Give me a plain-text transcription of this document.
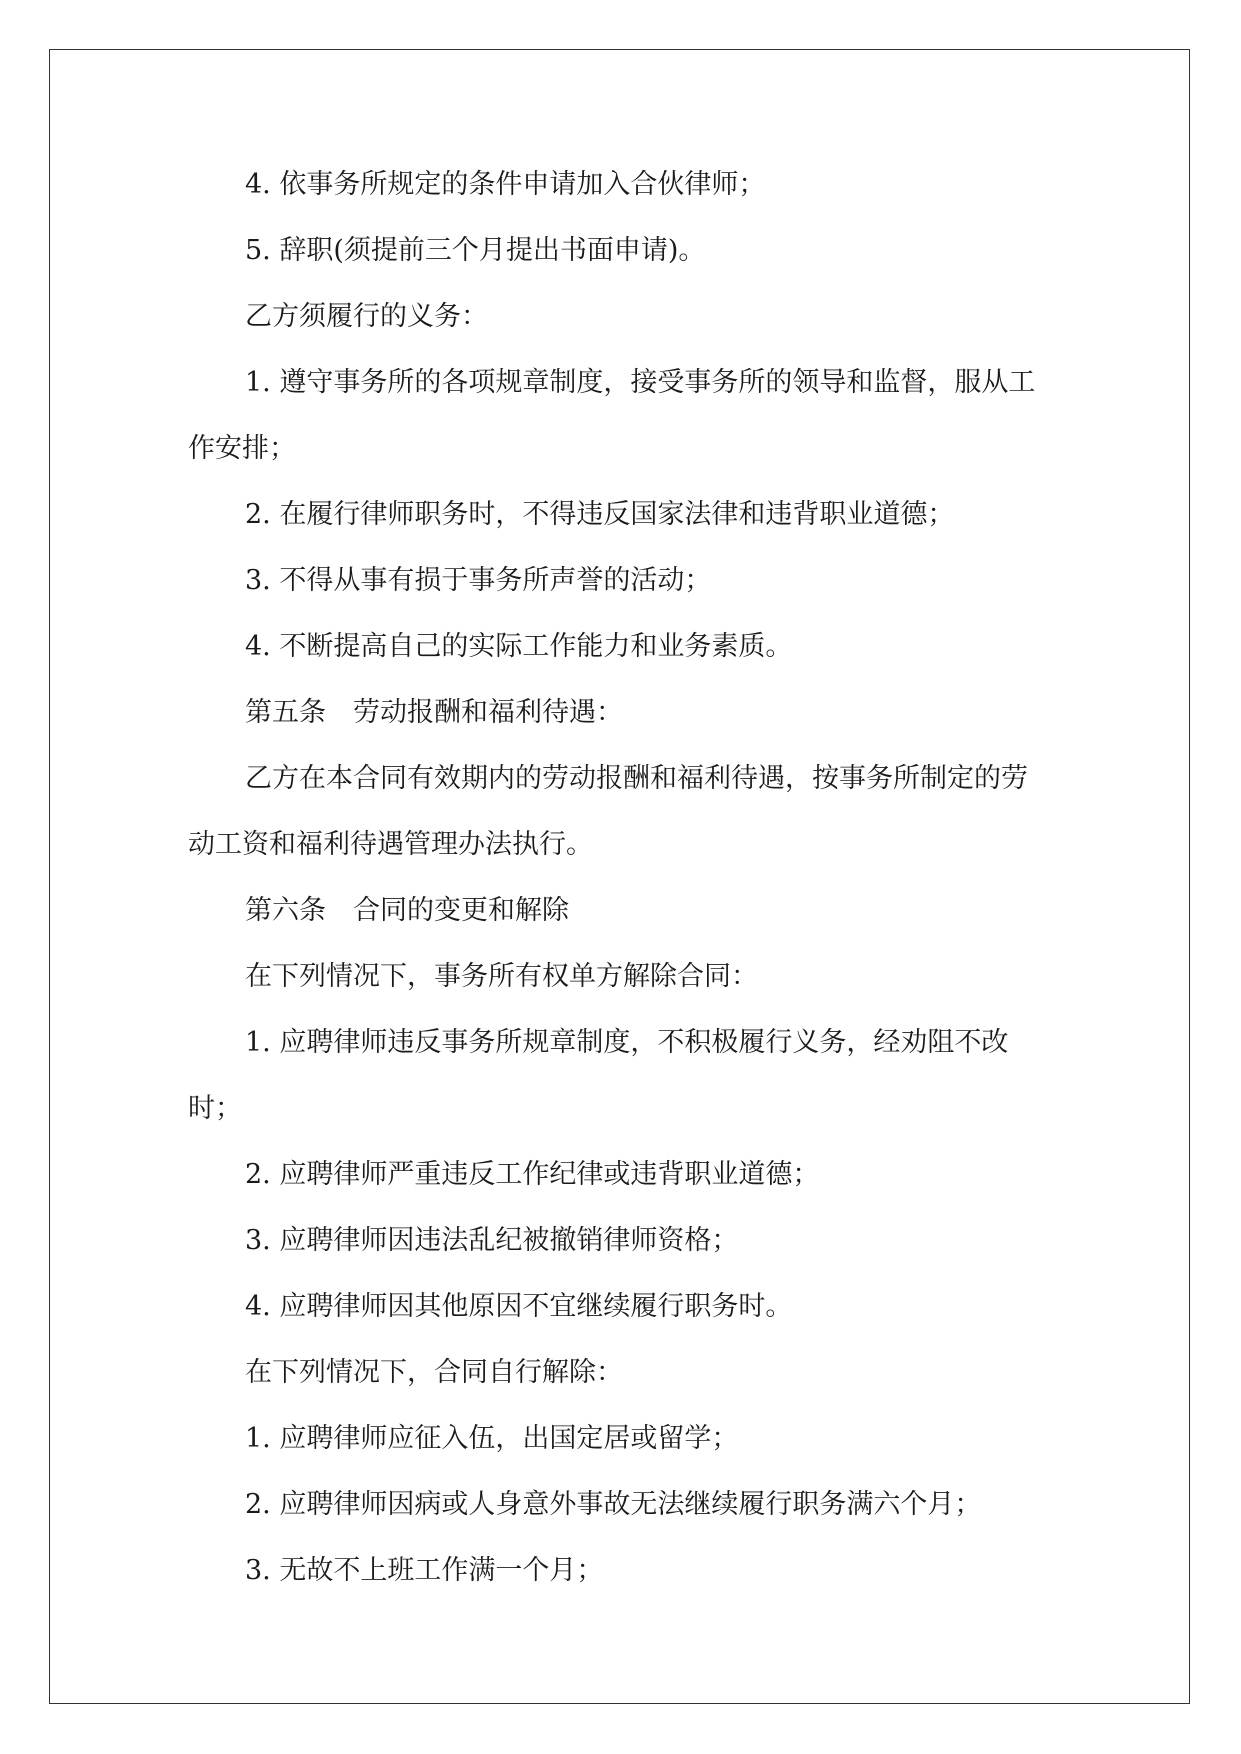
4. 依事务所规定的条件申请加入合伙律师；

5. 辞职(须提前三个月提出书面申请)。

乙方须履行的义务：

1. 遵守事务所的各项规章制度，接受事务所的领导和监督，服从工作安排；

2. 在履行律师职务时，不得违反国家法律和违背职业道德；

3. 不得从事有损于事务所声誉的活动；

4. 不断提高自己的实际工作能力和业务素质。

第五条　劳动报酬和福利待遇：

乙方在本合同有效期内的劳动报酬和福利待遇，按事务所制定的劳动工资和福利待遇管理办法执行。

第六条　合同的变更和解除

在下列情况下，事务所有权单方解除合同：

1. 应聘律师违反事务所规章制度，不积极履行义务，经劝阻不改时；

2. 应聘律师严重违反工作纪律或违背职业道德；

3. 应聘律师因违法乱纪被撤销律师资格；

4. 应聘律师因其他原因不宜继续履行职务时。

在下列情况下，合同自行解除：

1. 应聘律师应征入伍，出国定居或留学；

2. 应聘律师因病或人身意外事故无法继续履行职务满六个月；

3. 无故不上班工作满一个月；
